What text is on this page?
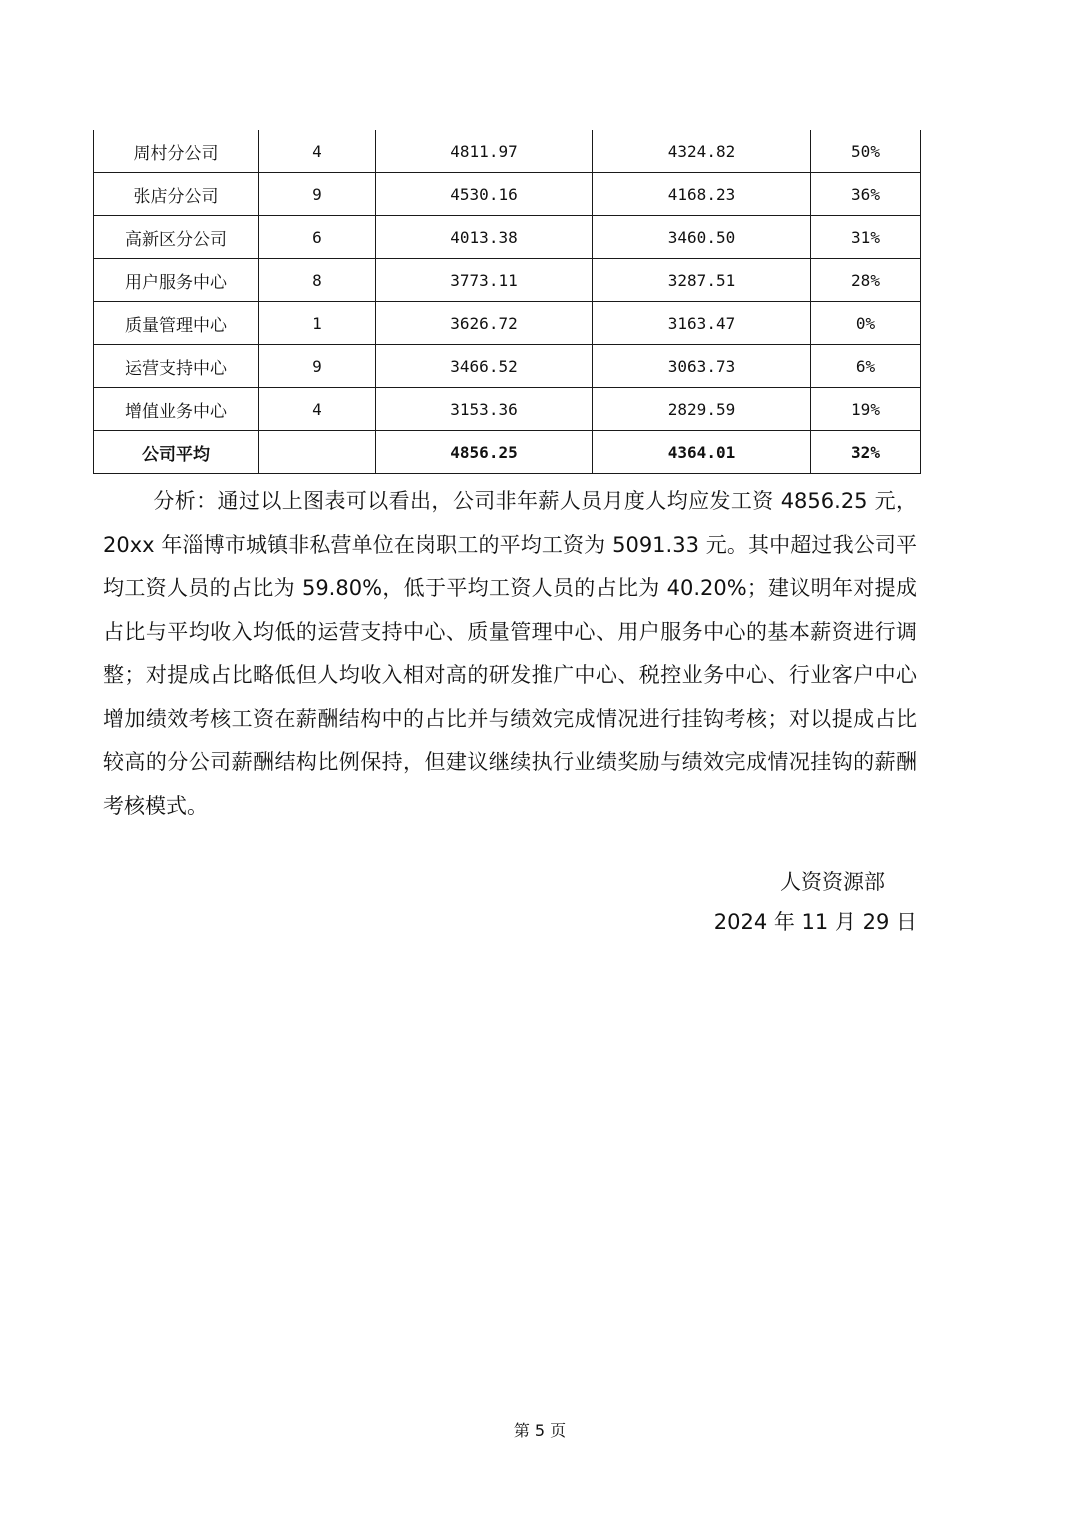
周村分公司	4	4811.97	4324.82	50%
张店分公司	9	4530.16	4168.23	36%
高新区分公司	6	4013.38	3460.50	31%
用户服务中心	8	3773.11	3287.51	28%
质量管理中心	1	3626.72	3163.47	0%
运营支持中心	9	3466.52	3063.73	6%
增值业务中心	4	3153.36	2829.59	19%
公司平均		4856.25	4364.01	32%

分析：通过以上图表可以看出，公司非年薪人员月度人均应发工资 4856.25 元，20xx 年淄博市城镇非私营单位在岗职工的平均工资为 5091.33 元。其中超过我公司平均工资人员的占比为 59.80%，低于平均工资人员的占比为 40.20%；建议明年对提成占比与平均收入均低的运营支持中心、质量管理中心、用户服务中心的基本薪资进行调整；对提成占比略低但人均收入相对高的研发推广中心、税控业务中心、行业客户中心增加绩效考核工资在薪酬结构中的占比并与绩效完成情况进行挂钩考核；对以提成占比较高的分公司薪酬结构比例保持，但建议继续执行业绩奖励与绩效完成情况挂钩的薪酬考核模式。

人资资源部
2024 年 11 月 29 日
第 5 页
